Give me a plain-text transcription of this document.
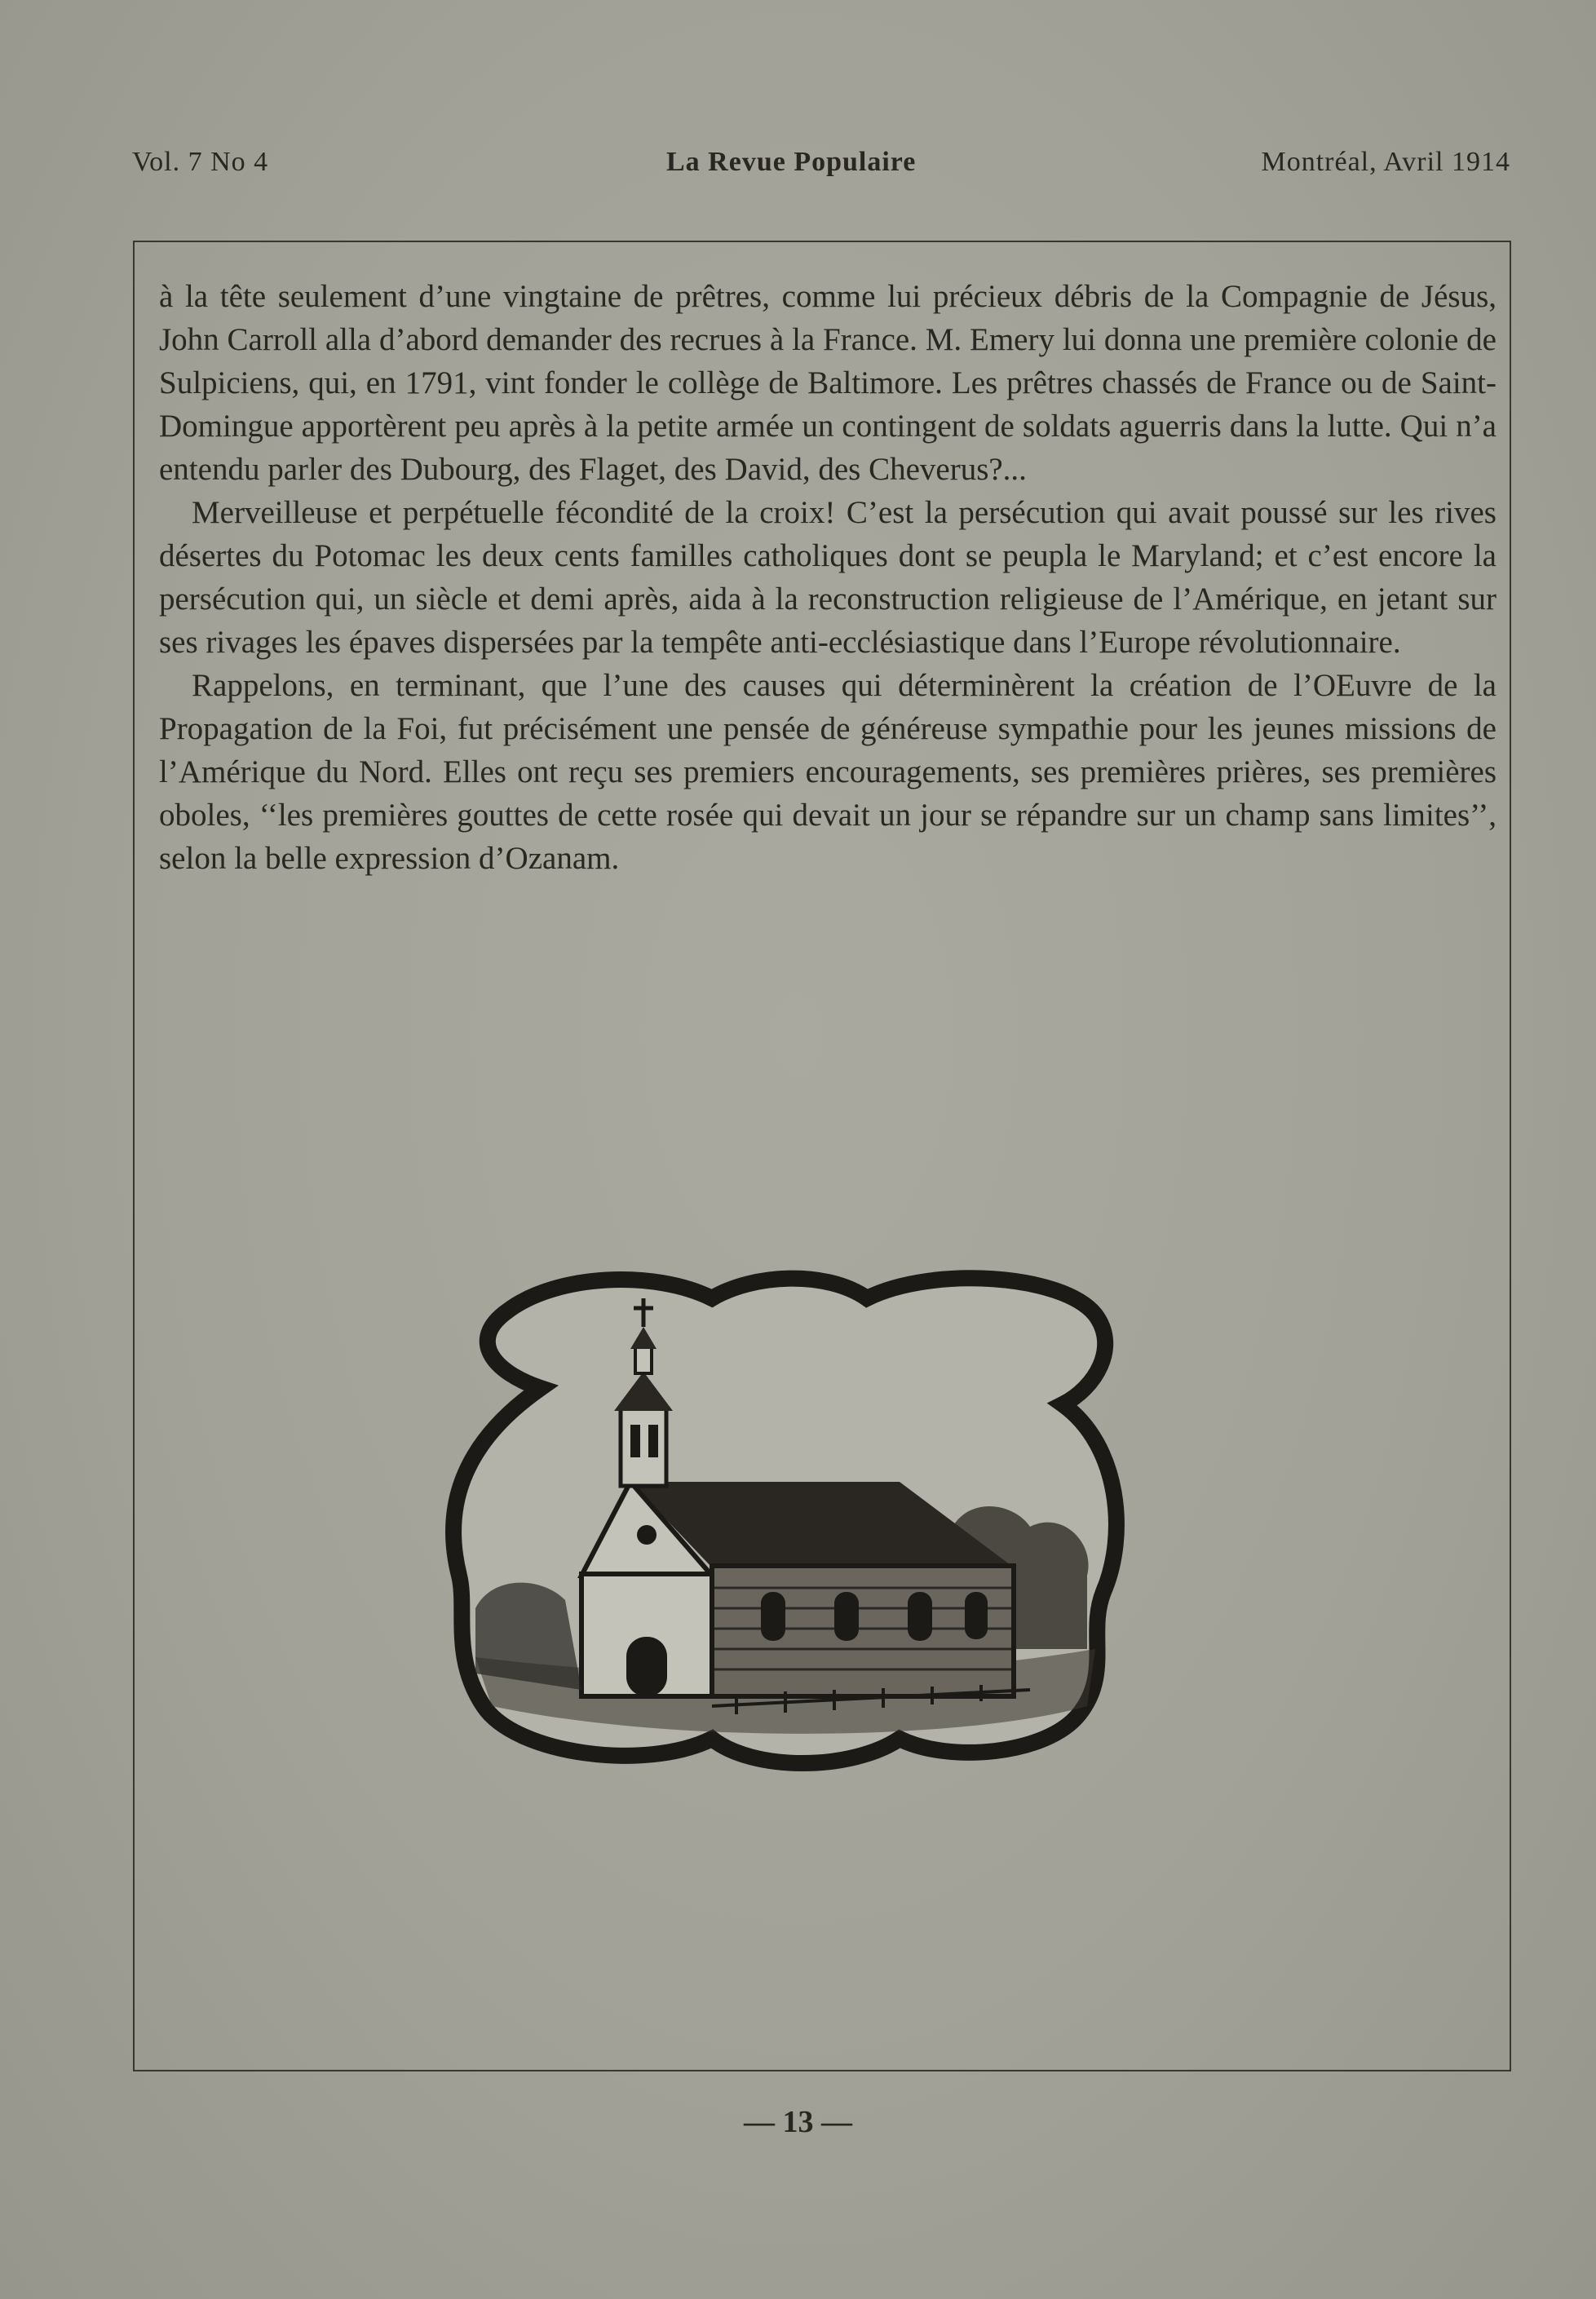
Vol. 7 No 4	La Revue Populaire	Montréal, Avril 1914

à la tête seulement d’une vingtaine de prêtres, comme lui précieux débris de la Compagnie de Jésus, John Carroll alla d’abord demander des recrues à la France. M. Emery lui donna une première colonie de Sulpiciens, qui, en 1791, vint fonder le collège de Baltimore. Les prêtres chassés de France ou de Saint-Domingue apportèrent peu après à la petite armée un contingent de soldats aguerris dans la lutte. Qui n’a entendu parler des Dubourg, des Flaget, des David, des Cheverus?...

Merveilleuse et perpétuelle fécondité de la croix! C’est la persécution qui avait poussé sur les rives désertes du Potomac les deux cents familles catholiques dont se peupla le Maryland; et c’est encore la persécution qui, un siècle et demi après, aida à la reconstruction religieuse de l’Amérique, en jetant sur ses rivages les épaves dispersées par la tempête anti-ecclésiastique dans l’Europe révolutionnaire.

Rappelons, en terminant, que l’une des causes qui déterminèrent la création de l’OEuvre de la Propagation de la Foi, fut précisément une pensée de généreuse sympathie pour les jeunes missions de l’Amérique du Nord. Elles ont reçu ses premiers encouragements, ses premières prières, ses premières oboles, ‘‘les premières gouttes de cette rosée qui devait un jour se répandre sur un champ sans limites’’, selon la belle expression d’Ozanam.

— 13 —
